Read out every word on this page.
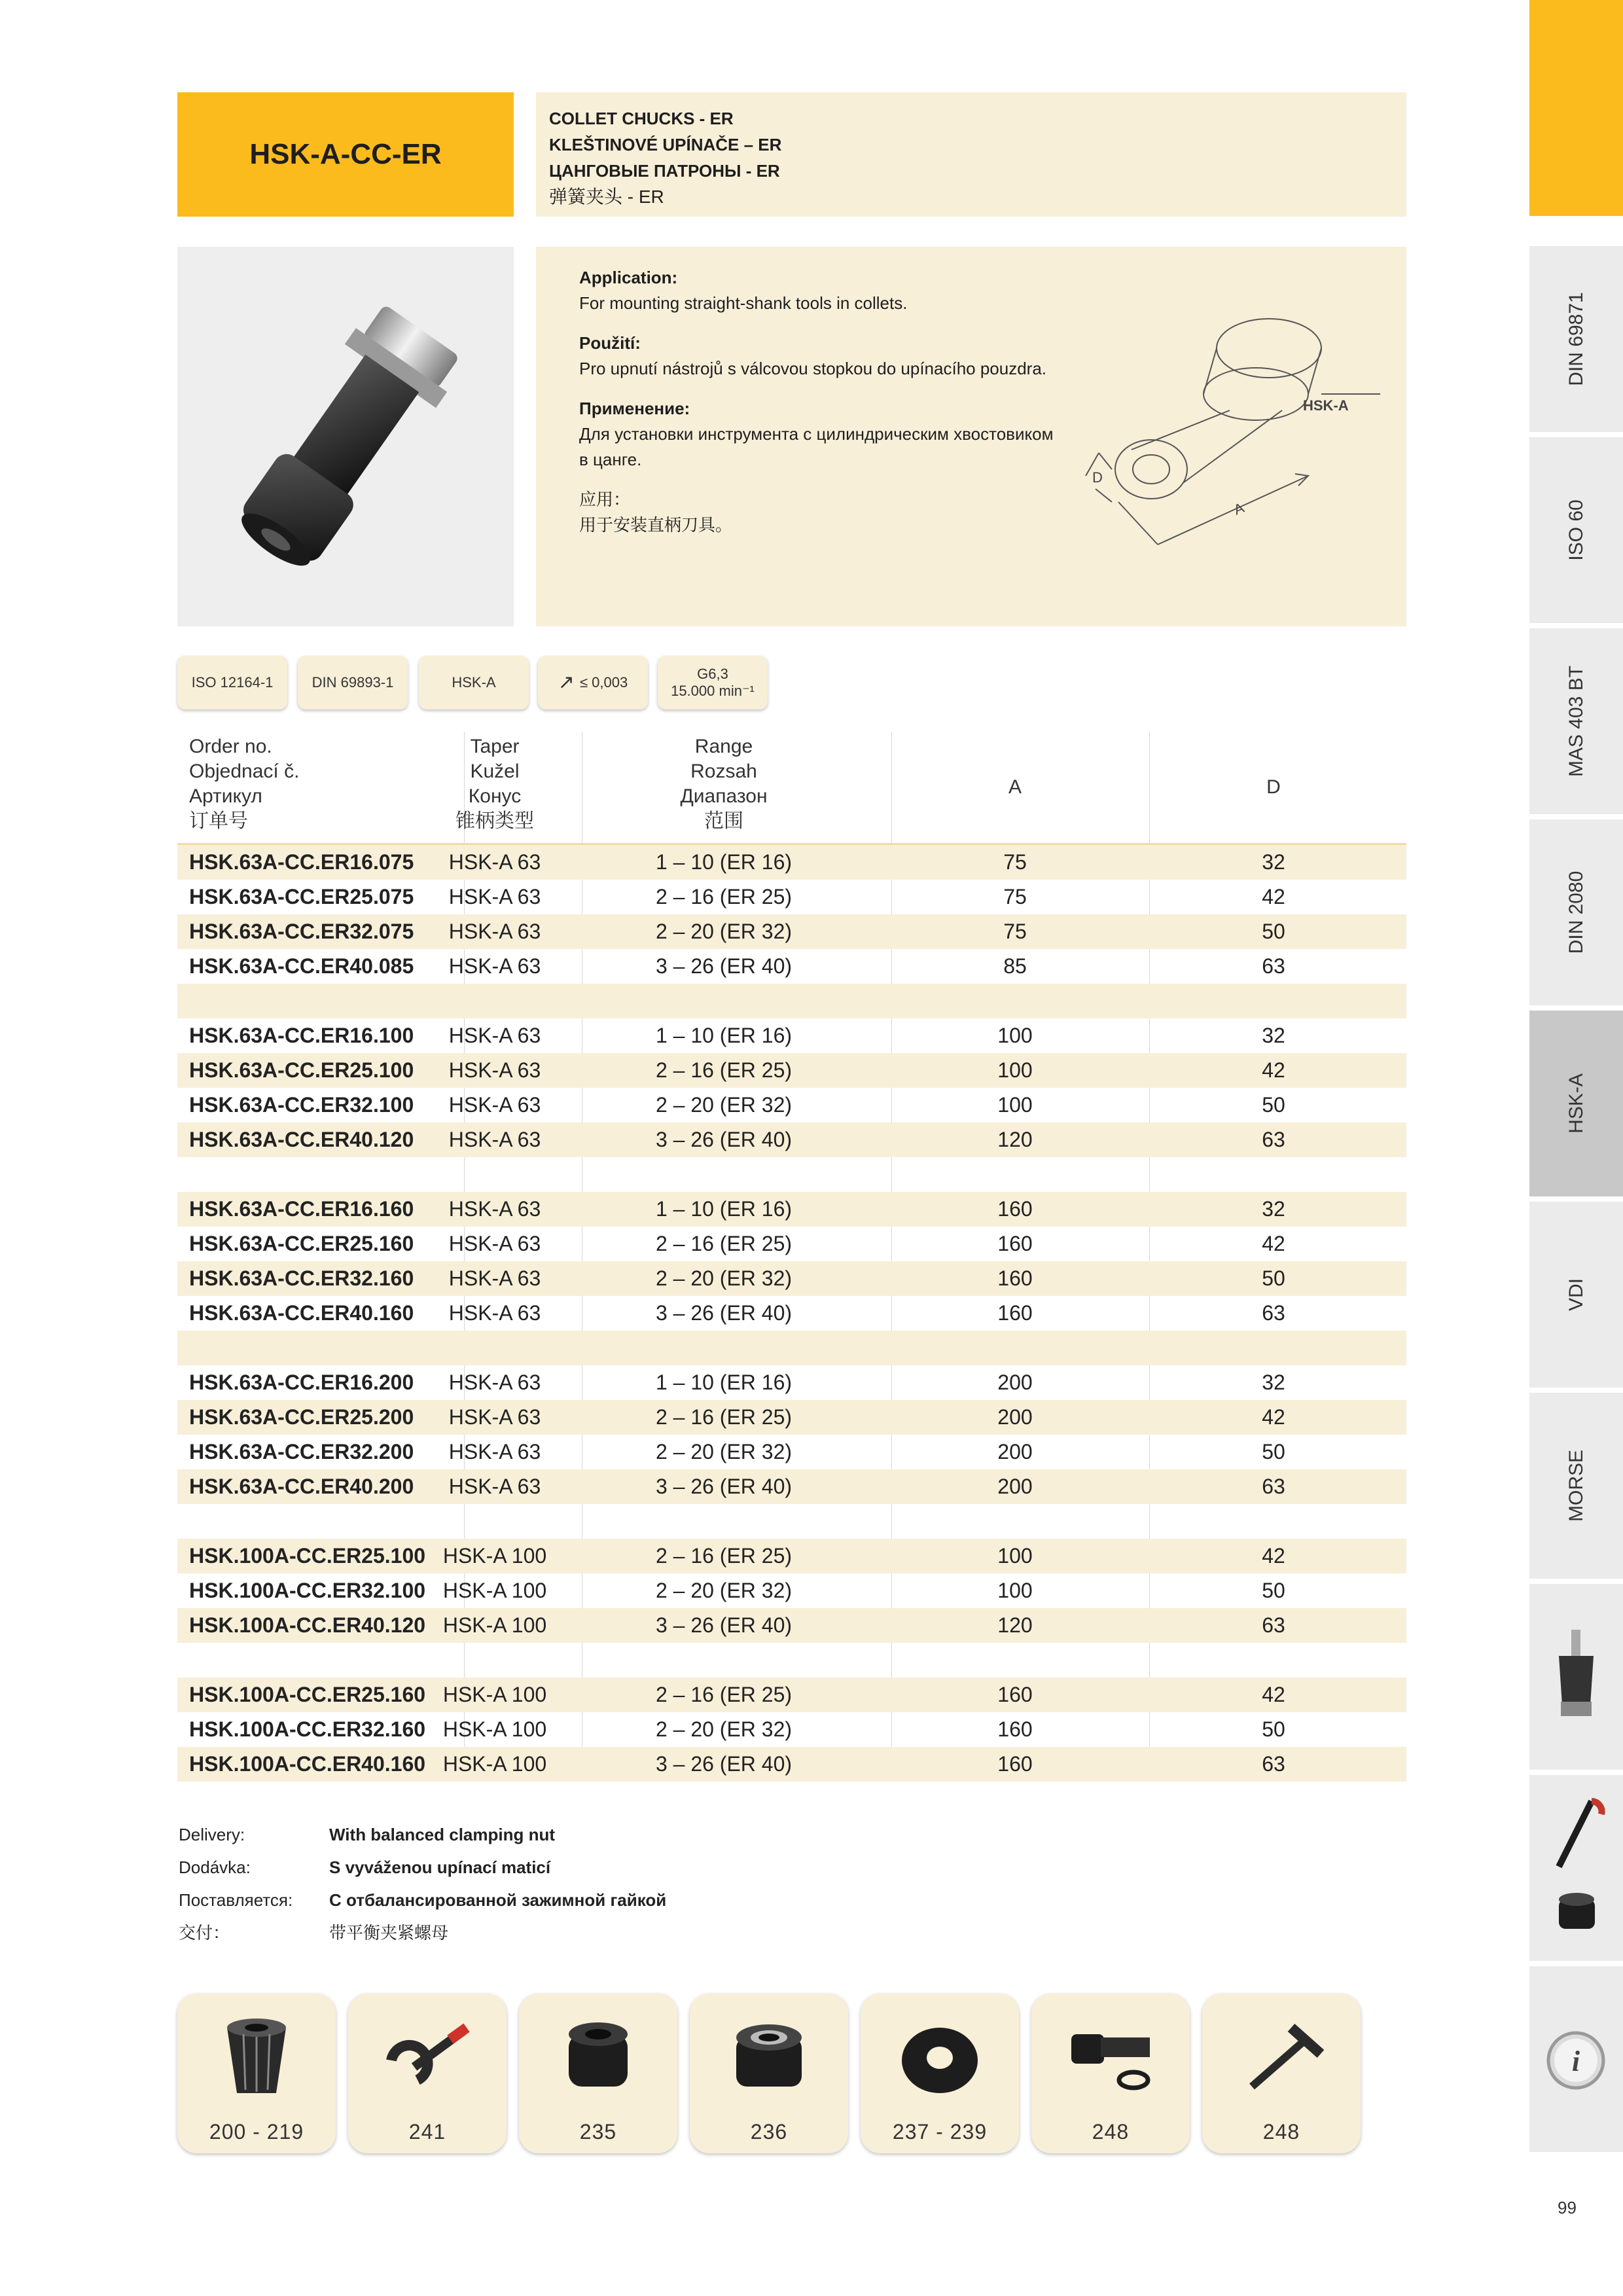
HSK-A-CC-ER
COLLET CHUCKS - ER
KLEŠTINOVÉ UPÍNAČE – ER
ЦАНГОВЫЕ ПАТРОНЫ - ER
弹簧夹头 - ER
Application:
For mounting straight-shank tools in collets.
Použití:
Pro upnutí nástrojů s válcovou stopkou do upínacího pouzdra.
Применение:
Для установки инструмента с цилиндрическим хвостовиком
в цанге.
应用：
用于安装直柄刀具。
HSK-A
A
D
ISO 12164-1	DIN 69893-1	HSK-A	↗ ≤ 0,003
G6,3
15.000 min⁻¹
Order no.
Objednací č.
Артикул
订单号
Taper
Kužel
Конус
锥柄类型
Range
Rozsah
Диапазон
范围
A	D
HSK.63A-CC.ER16.075	HSK-A 63	1 – 10 (ER 16)	75	32
HSK.63A-CC.ER25.075	HSK-A 63	2 – 16 (ER 25)	75	42
HSK.63A-CC.ER32.075	HSK-A 63	2 – 20 (ER 32)	75	50
HSK.63A-CC.ER40.085	HSK-A 63	3 – 26 (ER 40)	85	63
HSK.63A-CC.ER16.100	HSK-A 63	1 – 10 (ER 16)	100	32
HSK.63A-CC.ER25.100	HSK-A 63	2 – 16 (ER 25)	100	42
HSK.63A-CC.ER32.100	HSK-A 63	2 – 20 (ER 32)	100	50
HSK.63A-CC.ER40.120	HSK-A 63	3 – 26 (ER 40)	120	63
HSK.63A-CC.ER16.160	HSK-A 63	1 – 10 (ER 16)	160	32
HSK.63A-CC.ER25.160	HSK-A 63	2 – 16 (ER 25)	160	42
HSK.63A-CC.ER32.160	HSK-A 63	2 – 20 (ER 32)	160	50
HSK.63A-CC.ER40.160	HSK-A 63	3 – 26 (ER 40)	160	63
HSK.63A-CC.ER16.200	HSK-A 63	1 – 10 (ER 16)	200	32
HSK.63A-CC.ER25.200	HSK-A 63	2 – 16 (ER 25)	200	42
HSK.63A-CC.ER32.200	HSK-A 63	2 – 20 (ER 32)	200	50
HSK.63A-CC.ER40.200	HSK-A 63	3 – 26 (ER 40)	200	63
HSK.100A-CC.ER25.100 HSK-A 100	2 – 16 (ER 25)	100	42
HSK.100A-CC.ER32.100 HSK-A 100	2 – 20 (ER 32)	100	50
HSK.100A-CC.ER40.120 HSK-A 100	3 – 26 (ER 40)	120	63
HSK.100A-CC.ER25.160 HSK-A 100	2 – 16 (ER 25)	160	42
HSK.100A-CC.ER32.160 HSK-A 100	2 – 20 (ER 32)	160	50
HSK.100A-CC.ER40.160 HSK-A 100	3 – 26 (ER 40)	160	63
Delivery:	With balanced clamping nut
Dodávka:	S vyváženou upínací maticí
Поставляется: С отбалансированной зажимной гайкой
交付：	带平衡夹紧螺母
200 - 219	241	235	236	237 - 239	248	248
DIN 69871
ISO 60
MAS 403 BT
DIN 2080
HSK-A
VDI
MORSE
i
99
